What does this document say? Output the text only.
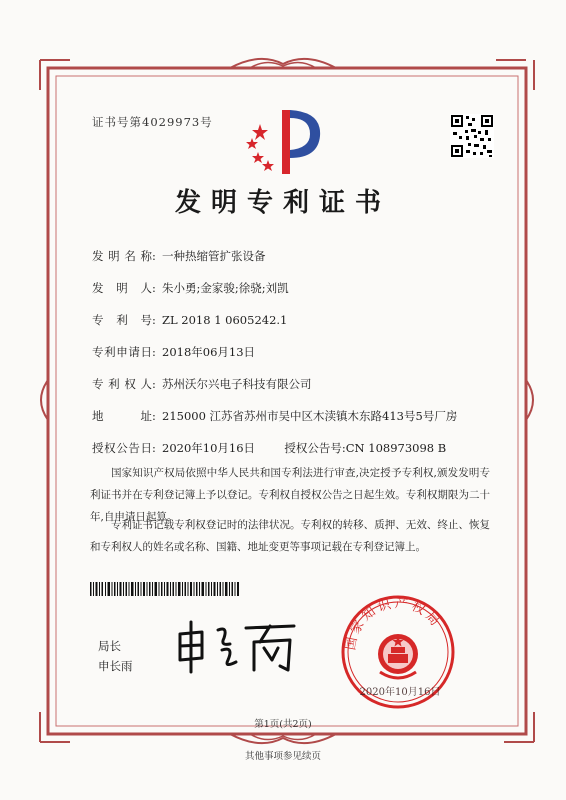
证书号第4029973号
发明专利证书
发明名称: 一种热缩管扩张设备
发明人: 朱小勇;金家骏;徐骁;刘凯
专利号: ZL 2018 1 0605242.1
专利申请日: 2018年06月13日
专利权人: 苏州沃尔兴电子科技有限公司
地址: 215000 江苏省苏州市吴中区木渎镇木东路413号5号厂房
授权公告日: 2020年10月16日	授权公告号:CN 108973098 B
国家知识产权局依照中华人民共和国专利法进行审查,决定授予专利权,颁发发明专利证书并在专利登记簿上予以登记。专利权自授权公告之日起生效。专利权期限为二十年,自申请日起算。
专利证书记载专利权登记时的法律状况。专利权的转移、质押、无效、终止、恢复和专利权人的姓名或名称、国籍、地址变更等事项记载在专利登记簿上。
局长
申长雨
国家知识产权局
2020年10月16日
第1页(共2页)
其他事项参见续页
